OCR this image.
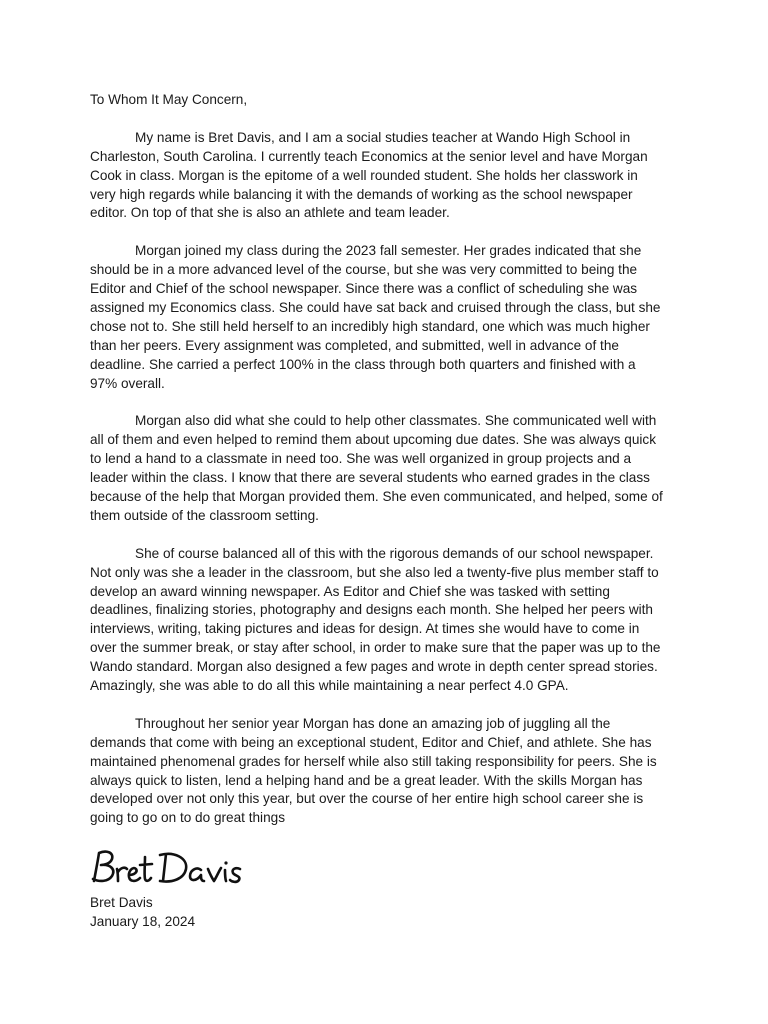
To Whom It May Concern,

My name is Bret Davis, and I am a social studies teacher at Wando High School in
Charleston, South Carolina. I currently teach Economics at the senior level and have Morgan
Cook in class. Morgan is the epitome of a well rounded student. She holds her classwork in
very high regards while balancing it with the demands of working as the school newspaper
editor. On top of that she is also an athlete and team leader.

Morgan joined my class during the 2023 fall semester. Her grades indicated that she
should be in a more advanced level of the course, but she was very committed to being the
Editor and Chief of the school newspaper. Since there was a conflict of scheduling she was
assigned my Economics class. She could have sat back and cruised through the class, but she
chose not to. She still held herself to an incredibly high standard, one which was much higher
than her peers. Every assignment was completed, and submitted, well in advance of the
deadline. She carried a perfect 100% in the class through both quarters and finished with a
97% overall.

Morgan also did what she could to help other classmates. She communicated well with
all of them and even helped to remind them about upcoming due dates. She was always quick
to lend a hand to a classmate in need too. She was well organized in group projects and a
leader within the class. I know that there are several students who earned grades in the class
because of the help that Morgan provided them. She even communicated, and helped, some of
them outside of the classroom setting.

She of course balanced all of this with the rigorous demands of our school newspaper.
Not only was she a leader in the classroom, but she also led a twenty-five plus member staff to
develop an award winning newspaper. As Editor and Chief she was tasked with setting
deadlines, finalizing stories, photography and designs each month. She helped her peers with
interviews, writing, taking pictures and ideas for design. At times she would have to come in
over the summer break, or stay after school, in order to make sure that the paper was up to the
Wando standard. Morgan also designed a few pages and wrote in depth center spread stories.
Amazingly, she was able to do all this while maintaining a near perfect 4.0 GPA.

Throughout her senior year Morgan has done an amazing job of juggling all the
demands that come with being an exceptional student, Editor and Chief, and athlete. She has
maintained phenomenal grades for herself while also still taking responsibility for peers. She is
always quick to listen, lend a helping hand and be a great leader. With the skills Morgan has
developed over not only this year, but over the course of her entire high school career she is
going to go on to do great things

Bret Davis
January 18, 2024
